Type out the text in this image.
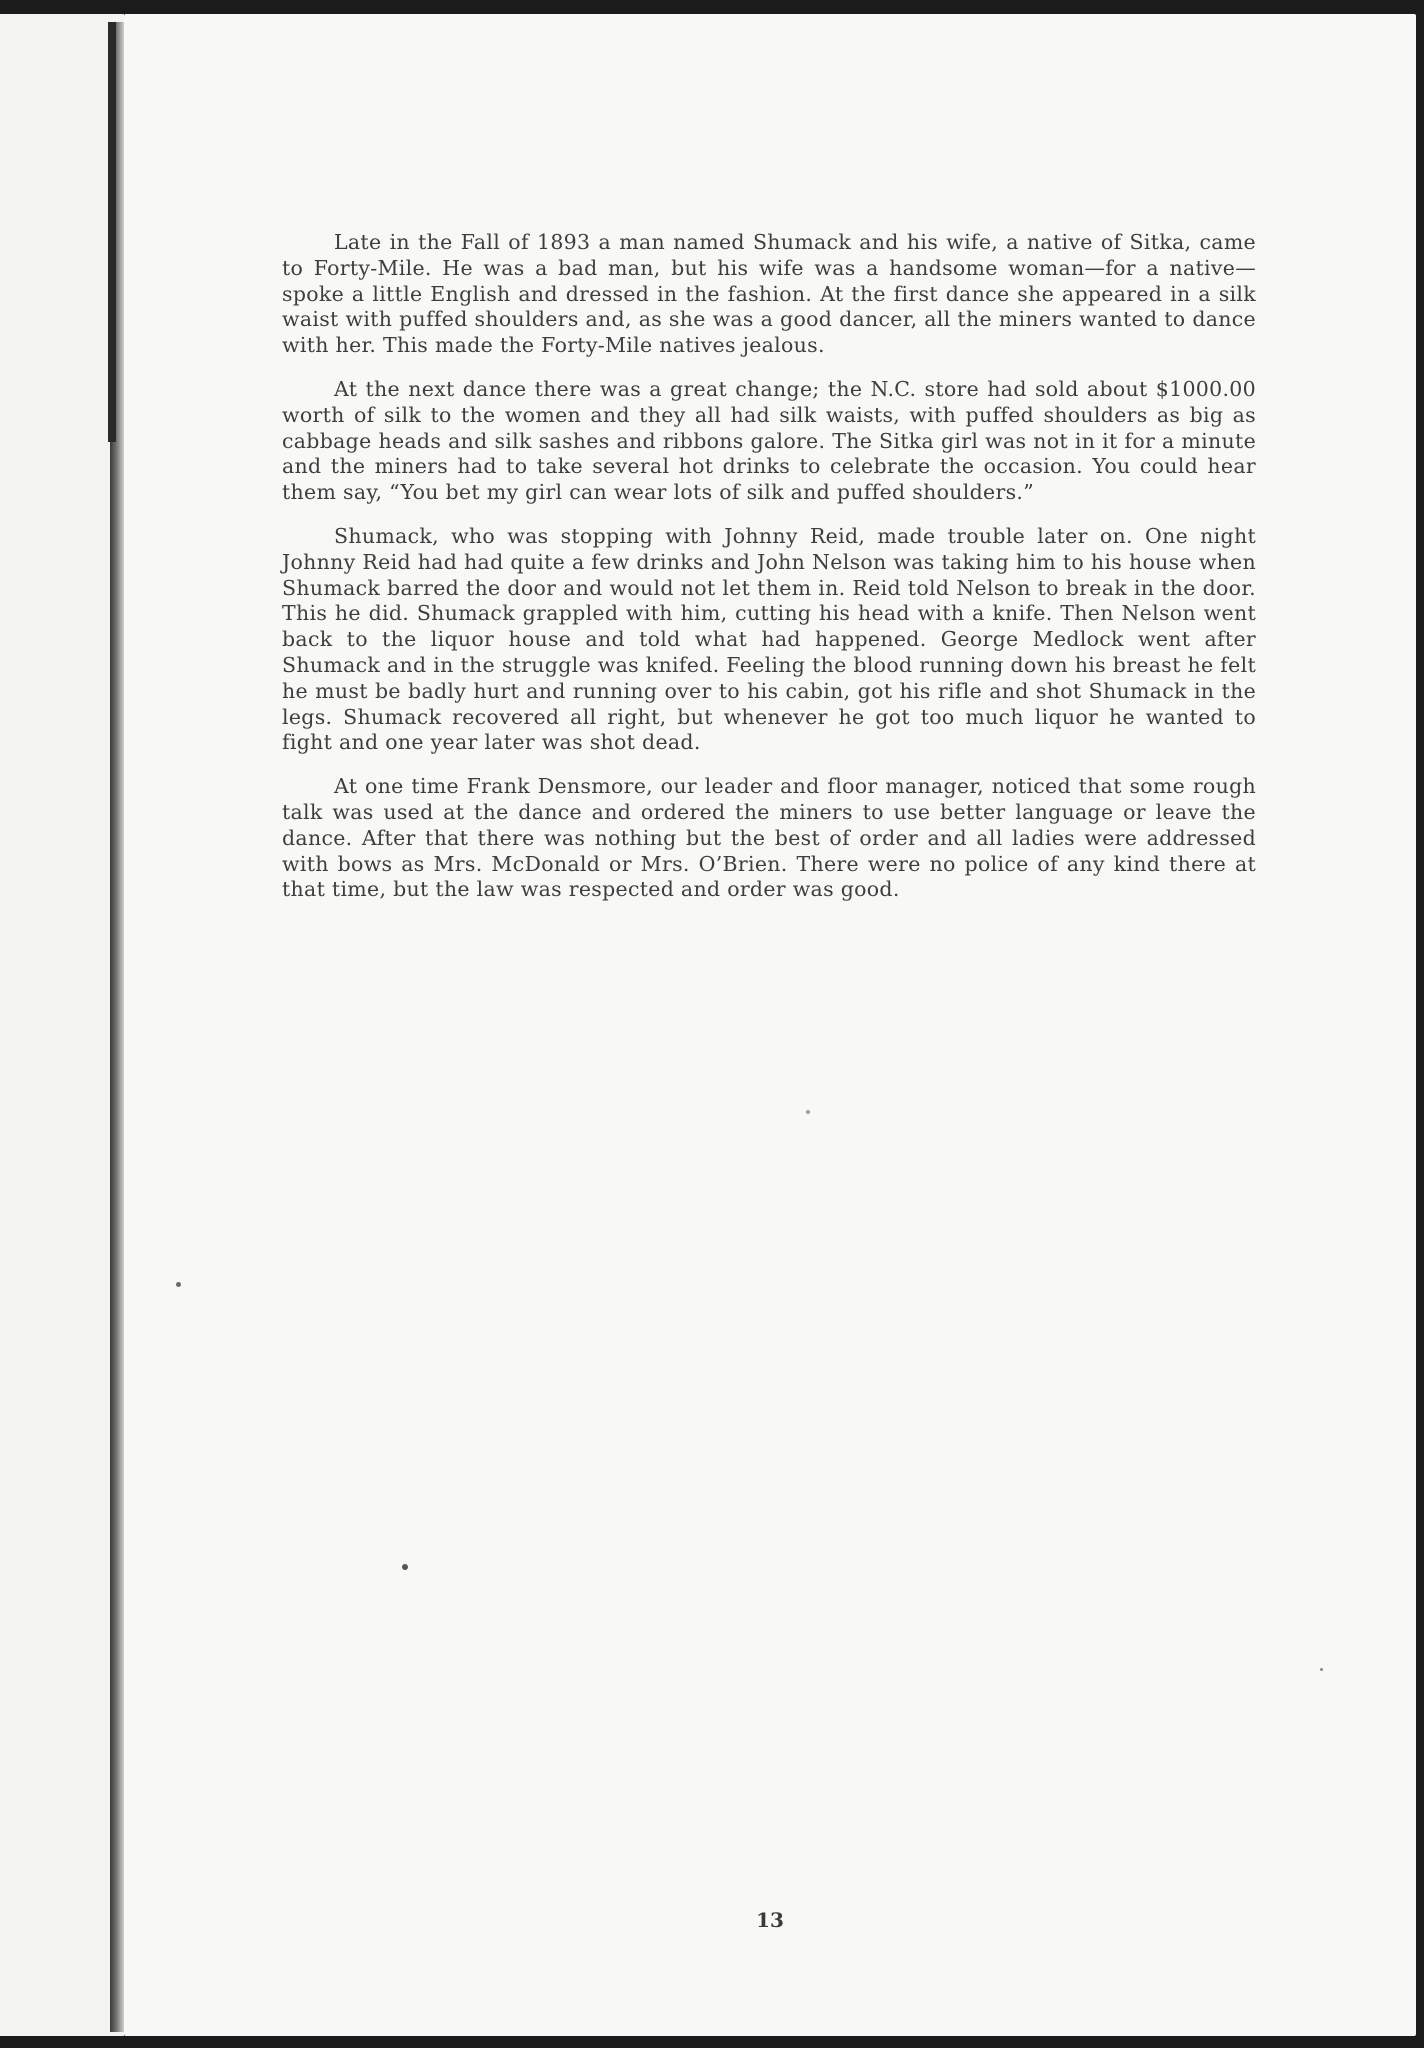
Late in the Fall of 1893 a man named Shumack and his wife, a native of Sitka, came to Forty-Mile. He was a bad man, but his wife was a handsome woman—for a native—spoke a little English and dressed in the fashion. At the first dance she appeared in a silk waist with puffed shoulders and, as she was a good dancer, all the miners wanted to dance with her. This made the Forty-Mile natives jealous.

At the next dance there was a great change; the N.C. store had sold about $1000.00 worth of silk to the women and they all had silk waists, with puffed shoulders as big as cabbage heads and silk sashes and ribbons galore. The Sitka girl was not in it for a minute and the miners had to take several hot drinks to celebrate the occasion. You could hear them say, “You bet my girl can wear lots of silk and puffed shoulders.”

Shumack, who was stopping with Johnny Reid, made trouble later on. One night Johnny Reid had had quite a few drinks and John Nelson was taking him to his house when Shumack barred the door and would not let them in. Reid told Nelson to break in the door. This he did. Shumack grappled with him, cutting his head with a knife. Then Nelson went back to the liquor house and told what had happened. George Medlock went after Shumack and in the struggle was knifed. Feeling the blood running down his breast he felt he must be badly hurt and running over to his cabin, got his rifle and shot Shumack in the legs. Shumack recovered all right, but whenever he got too much liquor he wanted to fight and one year later was shot dead.

At one time Frank Densmore, our leader and floor manager, noticed that some rough talk was used at the dance and ordered the miners to use better language or leave the dance. After that there was nothing but the best of order and all ladies were addressed with bows as Mrs. McDonald or Mrs. O’Brien. There were no police of any kind there at that time, but the law was respected and order was good.

13
